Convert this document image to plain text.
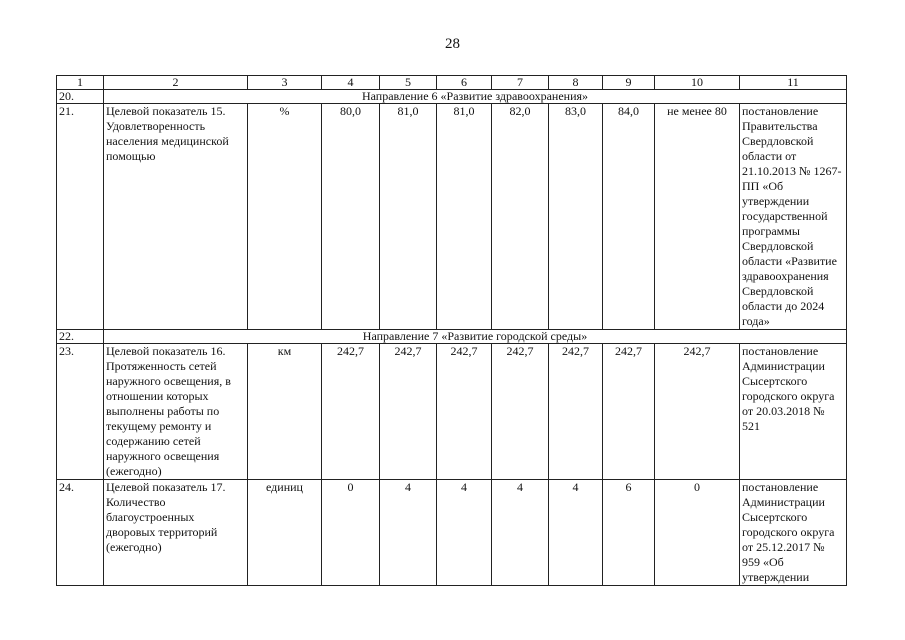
28
1	2	3	4	5	6	7	8	9	10	11
20.	Направление 6 «Развитие здравоохранения»									
21.	Целевой показатель 15. Удовлетворенность населения медицинской помощью	%	80,0	81,0	81,0	82,0	83,0	84,0	не менее 80	постановление Правительства Свердловской области от 21.10.2013 № 1267-ПП «Об утверждении государственной программы Свердловской области «Развитие здравоохранения Свердловской области до 2024 года»
22.	Направление 7 «Развитие городской среды»									
23.	Целевой показатель 16. Протяженность сетей наружного освещения, в отношении которых выполнены работы по текущему ремонту и содержанию сетей наружного освещения (ежегодно)	км	242,7	242,7	242,7	242,7	242,7	242,7	242,7	постановление Администрации Сысертского городского округа от 20.03.2018 № 521
24.	Целевой показатель 17. Количество благоустроенных дворовых территорий (ежегодно)	единиц	0	4	4	4	4	6	0	постановление Администрации Сысертского городского округа от 25.12.2017 № 959 «Об утверждении
